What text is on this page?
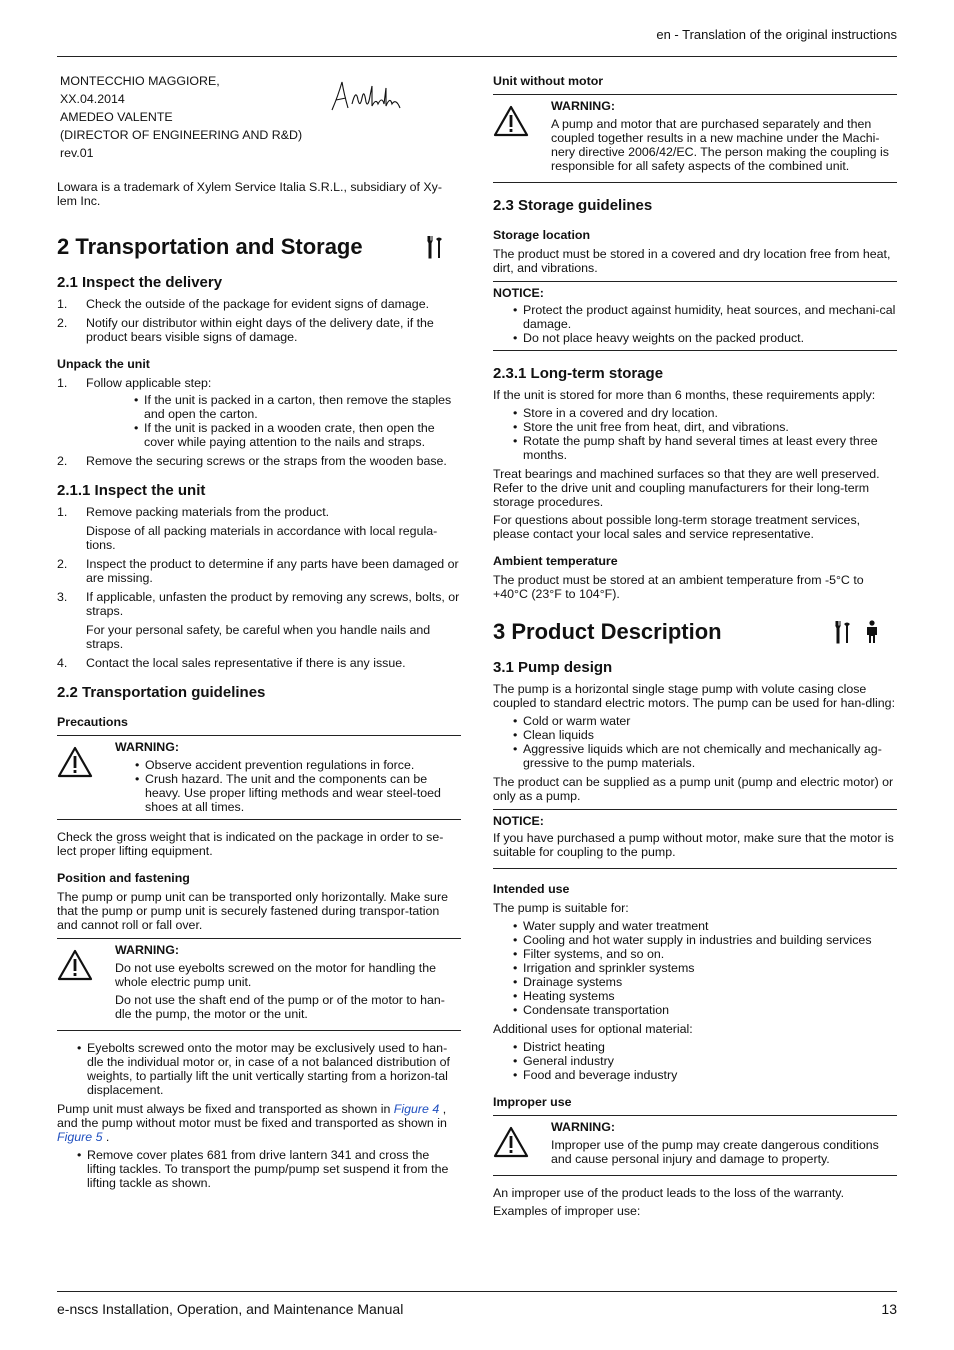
en - Translation of the original instructions
MONTECCHIO MAGGIORE,
XX.04.2014
AMEDEO VALENTE
(DIRECTOR OF ENGINEERING AND R&D)
rev.01

Lowara is a trademark of Xylem Service Italia S.R.L., subsidiary of Xy-lem Inc.

2 Transportation and Storage
2.1 Inspect the delivery
1. Check the outside of the package for evident signs of damage.
2. Notify our distributor within eight days of the delivery date, if the product bears visible signs of damage.
Unpack the unit
1. Follow applicable step:
• If the unit is packed in a carton, then remove the staples and open the carton.
• If the unit is packed in a wooden crate, then open the cover while paying attention to the nails and straps.
2. Remove the securing screws or the straps from the wooden base.
2.1.1 Inspect the unit
1. Remove packing materials from the product.
Dispose of all packing materials in accordance with local regula-tions.
2. Inspect the product to determine if any parts have been damaged or are missing.
3. If applicable, unfasten the product by removing any screws, bolts, or straps.
For your personal safety, be careful when you handle nails and straps.
4. Contact the local sales representative if there is any issue.
2.2 Transportation guidelines
Precautions
WARNING:
• Observe accident prevention regulations in force.
• Crush hazard. The unit and the components can be heavy. Use proper lifting methods and wear steel-toed shoes at all times.

Check the gross weight that is indicated on the package in order to se-lect proper lifting equipment.

Position and fastening

The pump or pump unit can be transported only horizontally. Make sure that the pump or pump unit is securely fastened during transpor-tation and cannot roll or fall over.

WARNING:

Do not use eyebolts screwed on the motor for handling the whole electric pump unit.

Do not use the shaft end of the pump or of the motor to han-dle the pump, the motor or the unit.

• Eyebolts screwed onto the motor may be exclusively used to han-dle the individual motor or, in case of a not balanced distribution of weights, to partially lift the unit vertically starting from a horizon-tal displacement.

Pump unit must always be fixed and transported as shown in Figure 4 , and the pump without motor must be fixed and transported as shown in Figure 5 .

• Remove cover plates 681 from drive lantern 341 and cross the lifting tackles. To transport the pump/pump set suspend it from the lifting tackle as shown.
Unit without motor
WARNING:

A pump and motor that are purchased separately and then coupled together results in a new machine under the Machi-nery directive 2006/42/EC. The person making the coupling is responsible for all safety aspects of the combined unit.

2.3 Storage guidelines
Storage location

The product must be stored in a covered and dry location free from heat, dirt, and vibrations.

NOTICE:
• Protect the product against humidity, heat sources, and mechani-cal damage.
• Do not place heavy weights on the packed product.
2.3.1 Long-term storage

If the unit is stored for more than 6 months, these requirements apply:

• Store in a covered and dry location.
• Store the unit free from heat, dirt, and vibrations.
• Rotate the pump shaft by hand several times at least every three months.

Treat bearings and machined surfaces so that they are well preserved. Refer to the drive unit and coupling manufacturers for their long-term storage procedures.

For questions about possible long-term storage treatment services, please contact your local sales and service representative.

Ambient temperature

The product must be stored at an ambient temperature from -5°C to +40°C (23°F to 104°F).

3 Product Description
3.1 Pump design

The pump is a horizontal single stage pump with volute casing close coupled to standard electric motors. The pump can be used for han-dling:

• Cold or warm water
• Clean liquids
• Aggressive liquids which are not chemically and mechanically ag-gressive to the pump materials.

The product can be supplied as a pump unit (pump and electric motor) or only as a pump.

NOTICE:

If you have purchased a pump without motor, make sure that the motor is suitable for coupling to the pump.

Intended use

The pump is suitable for:

• Water supply and water treatment
• Cooling and hot water supply in industries and building services
• Filter systems, and so on.
• Irrigation and sprinkler systems
• Drainage systems
• Heating systems
• Condensate transportation

Additional uses for optional material:

• District heating
• General industry
• Food and beverage industry
Improper use
WARNING:

Improper use of the pump may create dangerous conditions and cause personal injury and damage to property.

An improper use of the product leads to the loss of the warranty.

Examples of improper use:

e-nscs Installation, Operation, and Maintenance Manual	13
